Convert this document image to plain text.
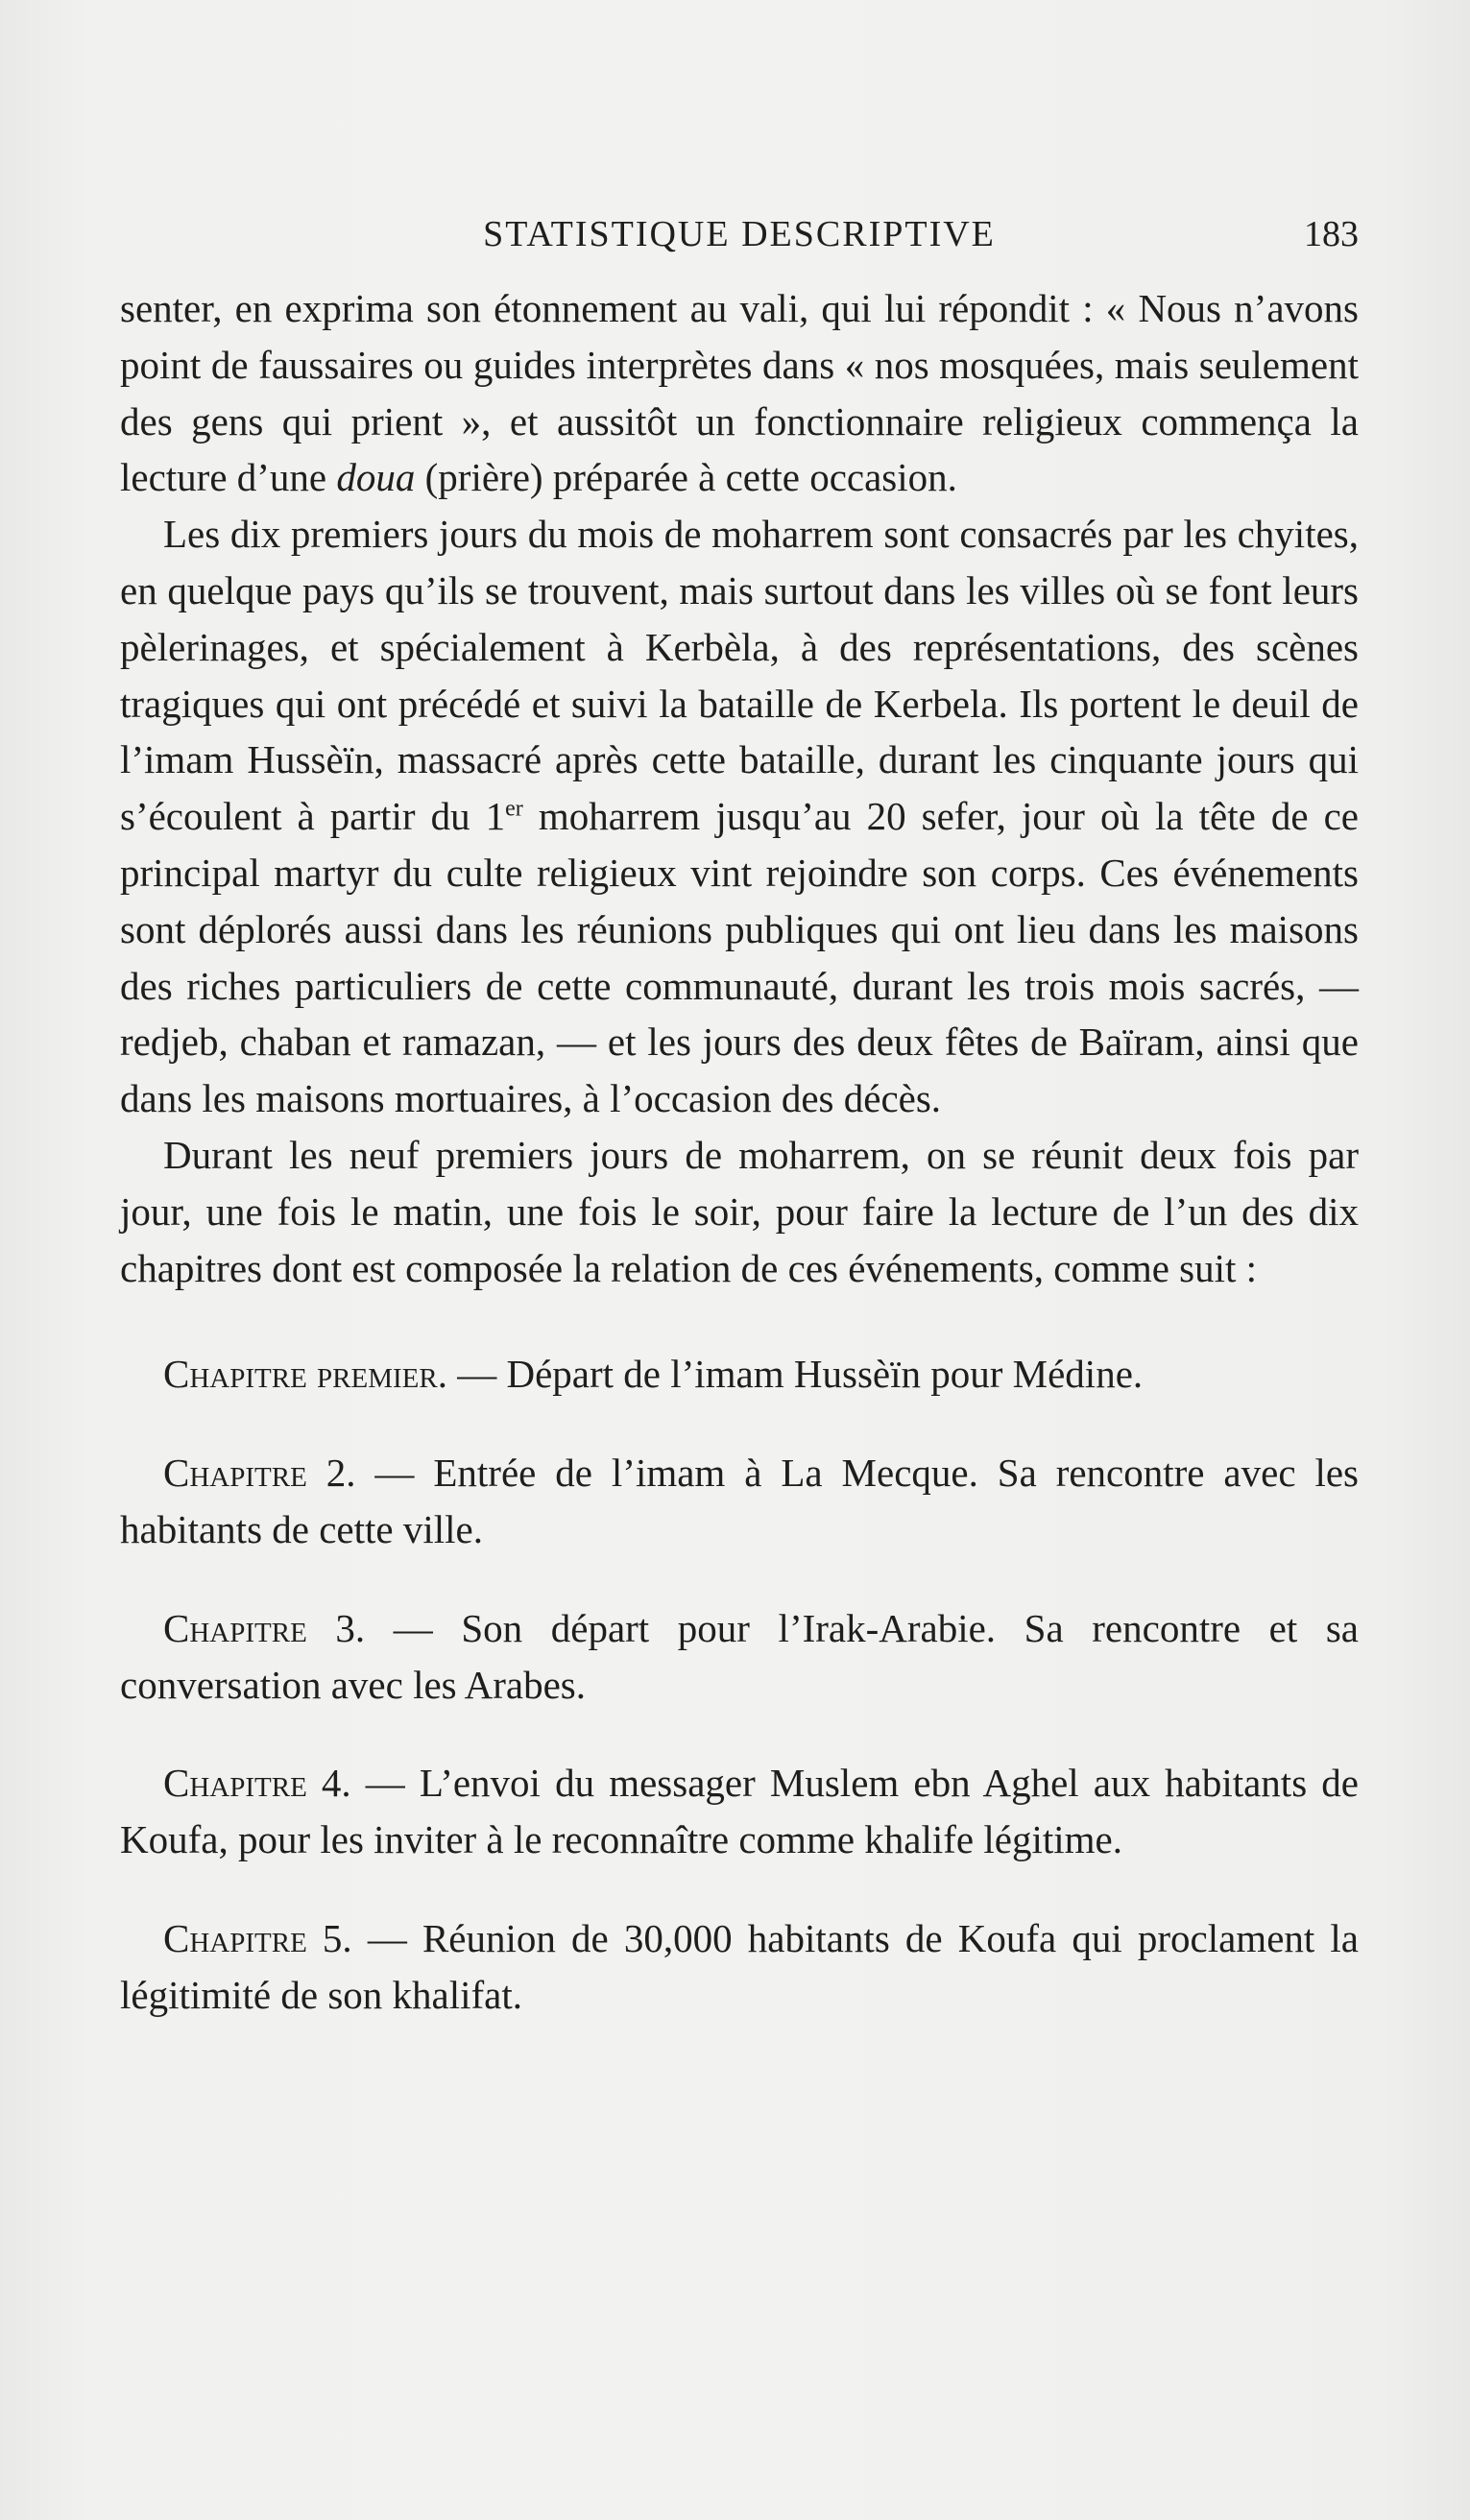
STATISTIQUE DESCRIPTIVE	183

senter, en exprima son étonnement au vali, qui lui répondit : « Nous n’avons point de faussaires ou guides interprètes dans « nos mosquées, mais seulement des gens qui prient », et aussitôt un fonctionnaire religieux commença la lecture d’une doua (prière) préparée à cette occasion.

Les dix premiers jours du mois de moharrem sont consacrés par les chyites, en quelque pays qu’ils se trouvent, mais surtout dans les villes où se font leurs pèlerinages, et spécialement à Kerbèla, à des représentations, des scènes tragiques qui ont précédé et suivi la bataille de Kerbela. Ils portent le deuil de l’imam Hussèïn, massacré après cette bataille, durant les cinquante jours qui s’écoulent à partir du 1er moharrem jusqu’au 20 sefer, jour où la tête de ce principal martyr du culte religieux vint rejoindre son corps. Ces événements sont déplorés aussi dans les réunions publiques qui ont lieu dans les maisons des riches particuliers de cette communauté, durant les trois mois sacrés, — redjeb, chaban et ramazan, — et les jours des deux fêtes de Baïram, ainsi que dans les maisons mortuaires, à l’occasion des décès.

Durant les neuf premiers jours de moharrem, on se réunit deux fois par jour, une fois le matin, une fois le soir, pour faire la lecture de l’un des dix chapitres dont est composée la relation de ces événements, comme suit :

Chapitre premier. — Départ de l’imam Hussèïn pour Médine.

Chapitre 2. — Entrée de l’imam à La Mecque. Sa rencontre avec les habitants de cette ville.

Chapitre 3. — Son départ pour l’Irak-Arabie. Sa rencontre et sa conversation avec les Arabes.

Chapitre 4. — L’envoi du messager Muslem ebn Aghel aux habitants de Koufa, pour les inviter à le reconnaître comme khalife légitime.

Chapitre 5. — Réunion de 30,000 habitants de Koufa qui proclament la légitimité de son khalifat.
